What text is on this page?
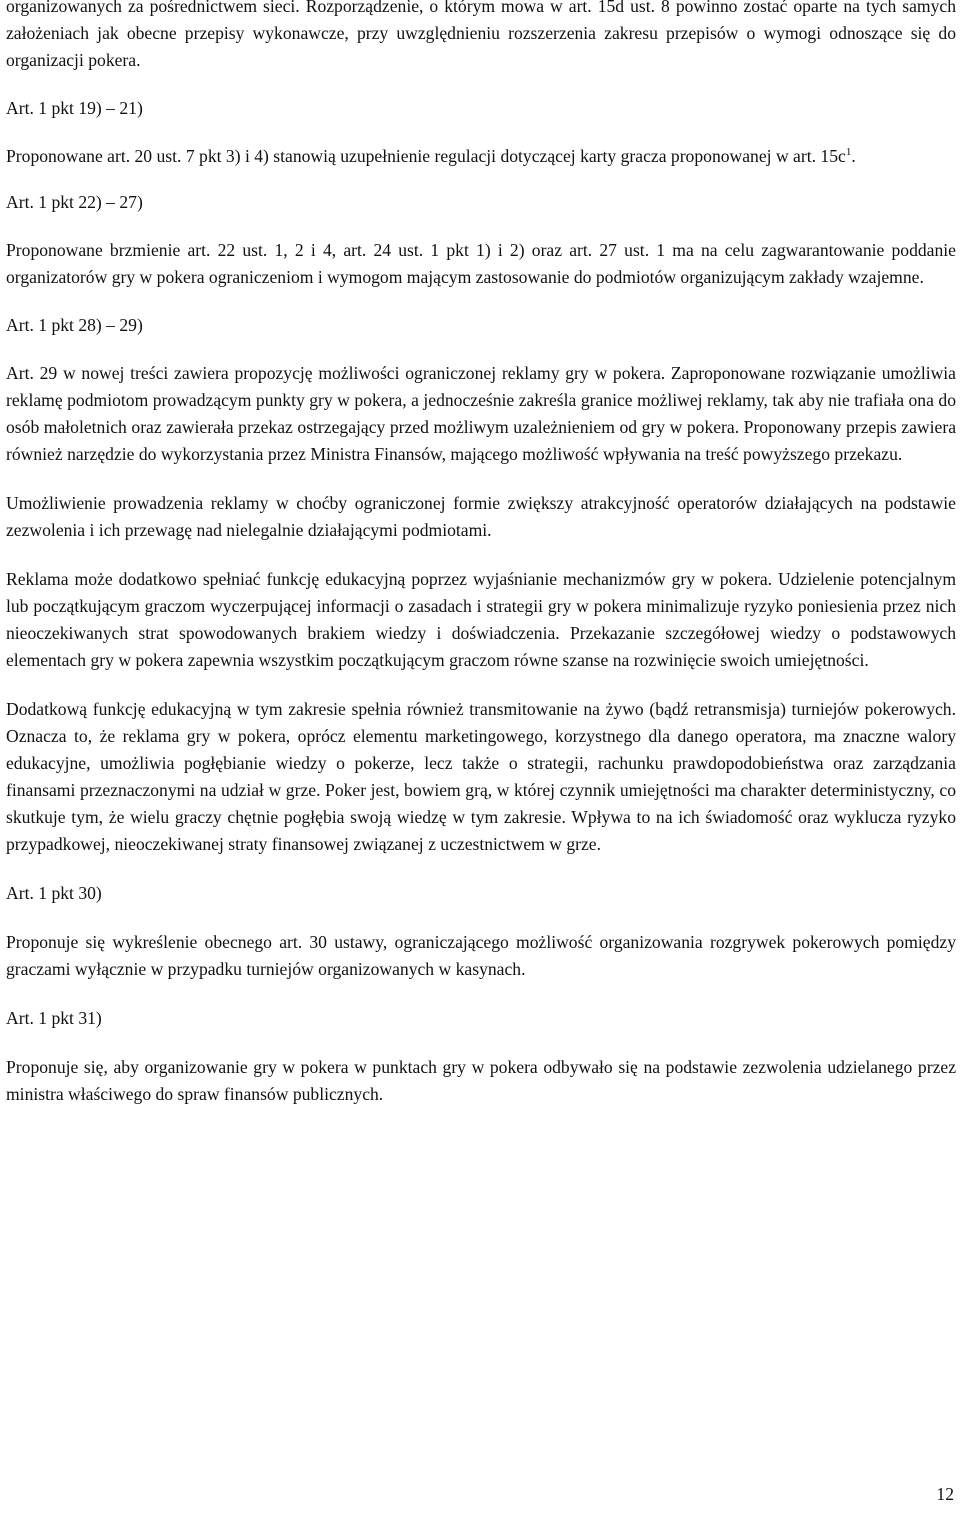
organizowanych za pośrednictwem sieci. Rozporządzenie, o którym mowa w art. 15d ust. 8 powinno zostać oparte na tych samych założeniach jak obecne przepisy wykonawcze, przy uwzględnieniu rozszerzenia zakresu przepisów o wymogi odnoszące się do organizacji pokera.

Art. 1 pkt 19) – 21)

Proponowane art. 20 ust. 7 pkt 3) i 4) stanowią uzupełnienie regulacji dotyczącej karty gracza proponowanej w art. $15c^1$.

Art. 1 pkt 22) – 27)

Proponowane brzmienie art. 22 ust. 1, 2 i 4, art. 24 ust. 1 pkt 1) i 2) oraz art. 27 ust. 1 ma na celu zagwarantowanie poddanie organizatorów gry w pokera ograniczeniom i wymogom mającym zastosowanie do podmiotów organizującym zakłady wzajemne.

Art. 1 pkt 28) – 29)

Art. 29 w nowej treści zawiera propozycję możliwości ograniczonej reklamy gry w pokera. Zaproponowane rozwiązanie umożliwia reklamę podmiotom prowadzącym punkty gry w pokera, a jednocześnie zakreśla granice możliwej reklamy, tak aby nie trafiała ona do osób małoletnich oraz zawierała przekaz ostrzegający przed możliwym uzależnieniem od gry w pokera. Proponowany przepis zawiera również narzędzie do wykorzystania przez Ministra Finansów, mającego możliwość wpływania na treść powyższego przekazu.

Umożliwienie prowadzenia reklamy w choćby ograniczonej formie zwiększy atrakcyjność operatorów działających na podstawie zezwolenia i ich przewagę nad nielegalnie działającymi podmiotami.

Reklama może dodatkowo spełniać funkcję edukacyjną poprzez wyjaśnianie mechanizmów gry w pokera. Udzielenie potencjalnym lub początkującym graczom wyczerpującej informacji o zasadach i strategii gry w pokera minimalizuje ryzyko poniesienia przez nich nieoczekiwanych strat spowodowanych brakiem wiedzy i doświadczenia. Przekazanie szczegółowej wiedzy o podstawowych elementach gry w pokera zapewnia wszystkim początkującym graczom równe szanse na rozwinięcie swoich umiejętności.

Dodatkową funkcję edukacyjną w tym zakresie spełnia również transmitowanie na żywo (bądź retransmisja) turniejów pokerowych. Oznacza to, że reklama gry w pokera, oprócz elementu marketingowego, korzystnego dla danego operatora, ma znaczne walory edukacyjne, umożliwia pogłębianie wiedzy o pokerze, lecz także o strategii, rachunku prawdopodobieństwa oraz zarządzania finansami przeznaczonymi na udział w grze. Poker jest, bowiem grą, w której czynnik umiejętności ma charakter deterministyczny, co skutkuje tym, że wielu graczy chętnie pogłębia swoją wiedzę w tym zakresie. Wpływa to na ich świadomość oraz wyklucza ryzyko przypadkowej, nieoczekiwanej straty finansowej związanej z uczestnictwem w grze.

Art. 1 pkt 30)

Proponuje się wykreślenie obecnego art. 30 ustawy, ograniczającego możliwość organizowania rozgrywek pokerowych pomiędzy graczami wyłącznie w przypadku turniejów organizowanych w kasynach.

Art. 1 pkt 31)

Proponuje się, aby organizowanie gry w pokera w punktach gry w pokera odbywało się na podstawie zezwolenia udzielanego przez ministra właściwego do spraw finansów publicznych.

12
